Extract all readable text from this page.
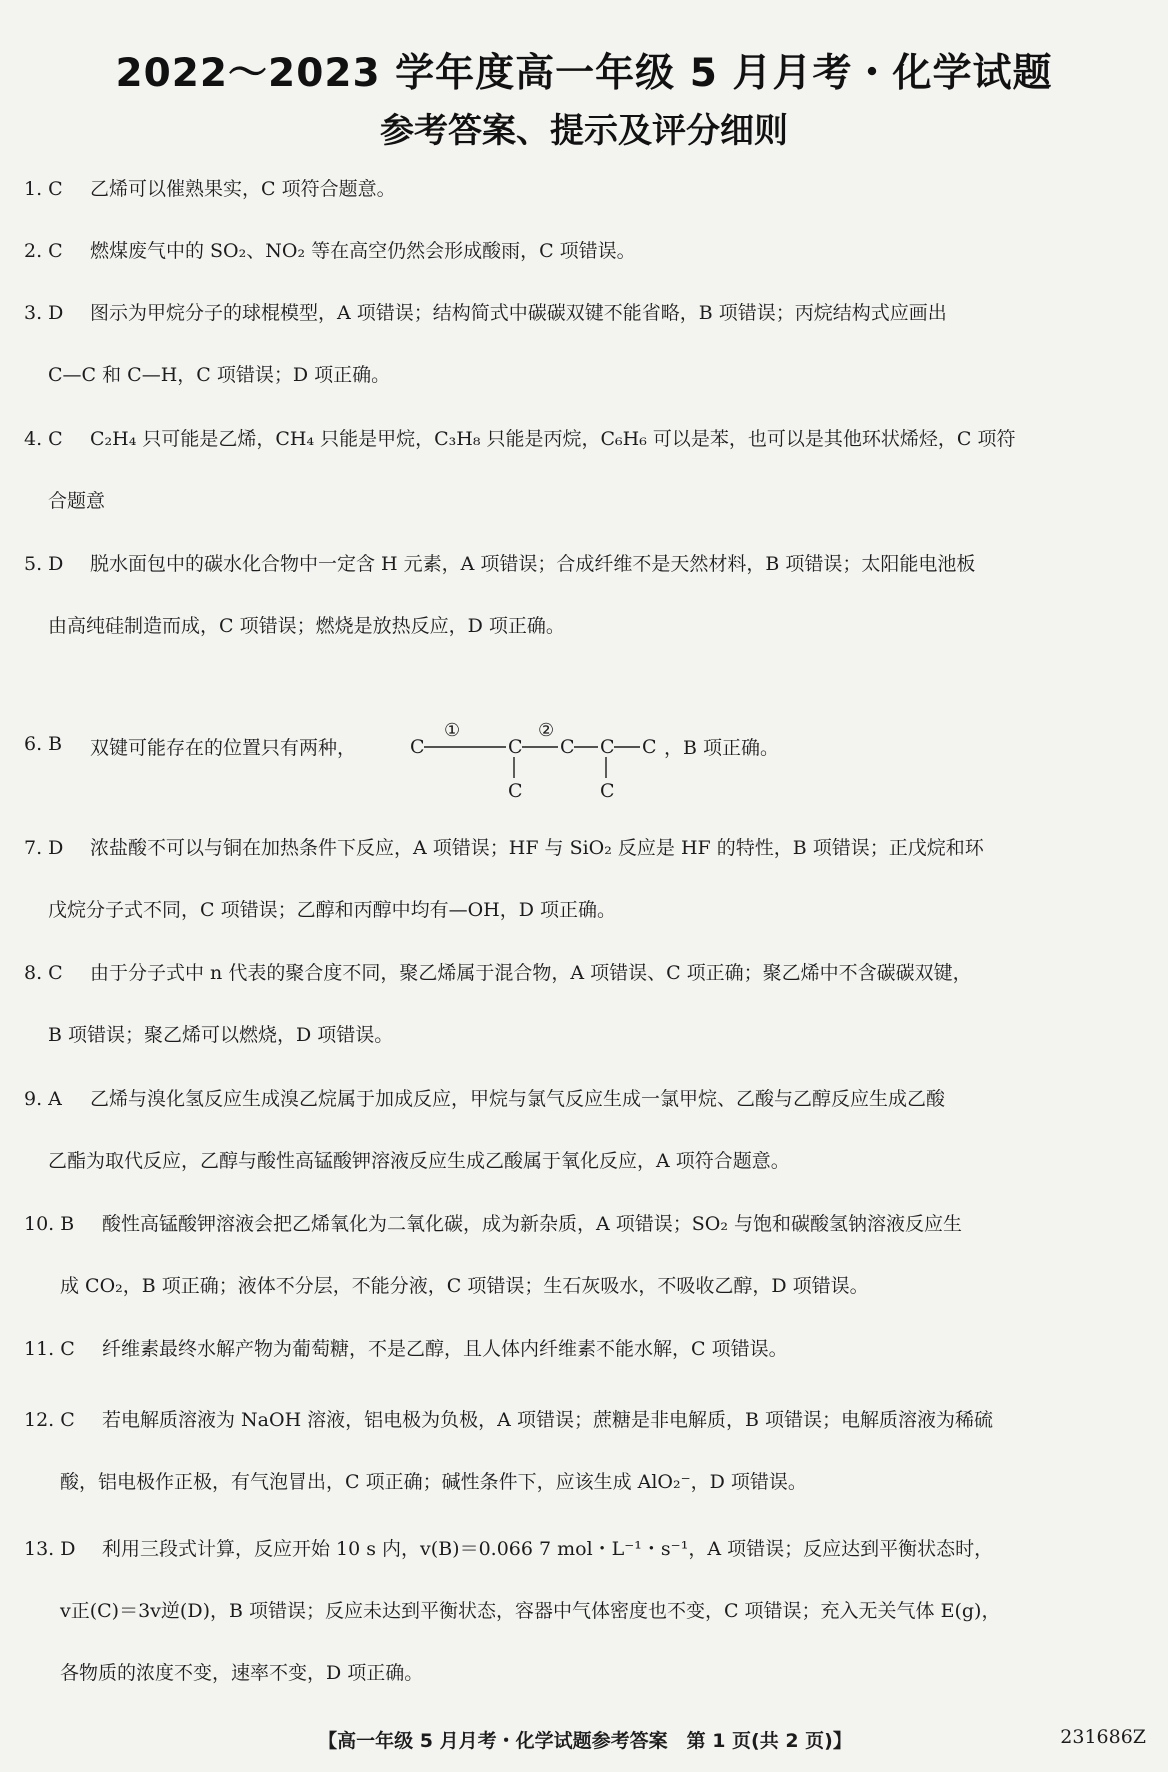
2022～2023 学年度高一年级 5 月月考・化学试题
参考答案、提示及评分细则
1. C 乙烯可以催熟果实，C 项符合题意。
2. C 燃煤废气中的 SO₂、NO₂ 等在高空仍然会形成酸雨，C 项错误。
3. D 图示为甲烷分子的球棍模型，A 项错误；结构简式中碳碳双键不能省略，B 项错误；丙烷结构式应画出
C—C 和 C—H，C 项错误；D 项正确。
4. C C₂H₄ 只可能是乙烯，CH₄ 只能是甲烷，C₃H₈ 只能是丙烷，C₆H₆ 可以是苯，也可以是其他环状烯烃，C 项符
合题意
5. D 脱水面包中的碳水化合物中一定含 H 元素，A 项错误；合成纤维不是天然材料，B 项错误；太阳能电池板
由高纯硅制造而成，C 项错误；燃烧是放热反应，D 项正确。
6. B	双键可能存在的位置只有两种，	C	C C C C
C	C
①	②
，B 项正确。
7. D 浓盐酸不可以与铜在加热条件下反应，A 项错误；HF 与 SiO₂ 反应是 HF 的特性，B 项错误；正戊烷和环
戊烷分子式不同，C 项错误；乙醇和丙醇中均有—OH，D 项正确。
8. C 由于分子式中 n 代表的聚合度不同，聚乙烯属于混合物，A 项错误、C 项正确；聚乙烯中不含碳碳双键，
B 项错误；聚乙烯可以燃烧，D 项错误。
9. A 乙烯与溴化氢反应生成溴乙烷属于加成反应，甲烷与氯气反应生成一氯甲烷、乙酸与乙醇反应生成乙酸
乙酯为取代反应，乙醇与酸性高锰酸钾溶液反应生成乙酸属于氧化反应，A 项符合题意。
10. B 酸性高锰酸钾溶液会把乙烯氧化为二氧化碳，成为新杂质，A 项错误；SO₂ 与饱和碳酸氢钠溶液反应生
成 CO₂，B 项正确；液体不分层，不能分液，C 项错误；生石灰吸水，不吸收乙醇，D 项错误。
11. C 纤维素最终水解产物为葡萄糖，不是乙醇，且人体内纤维素不能水解，C 项错误。
12. C 若电解质溶液为 NaOH 溶液，铝电极为负极，A 项错误；蔗糖是非电解质，B 项错误；电解质溶液为稀硫
酸，铝电极作正极，有气泡冒出，C 项正确；碱性条件下，应该生成 AlO₂⁻，D 项错误。
13. D 利用三段式计算，反应开始 10 s 内，v(B)＝0.066 7 mol・L⁻¹・s⁻¹，A 项错误；反应达到平衡状态时，
v正(C)＝3v逆(D)，B 项错误；反应未达到平衡状态，容器中气体密度也不变，C 项错误；充入无关气体 E(g)，
各物质的浓度不变，速率不变，D 项正确。
【高一年级 5 月月考・化学试题参考答案　第 1 页(共 2 页)】	231686Z
